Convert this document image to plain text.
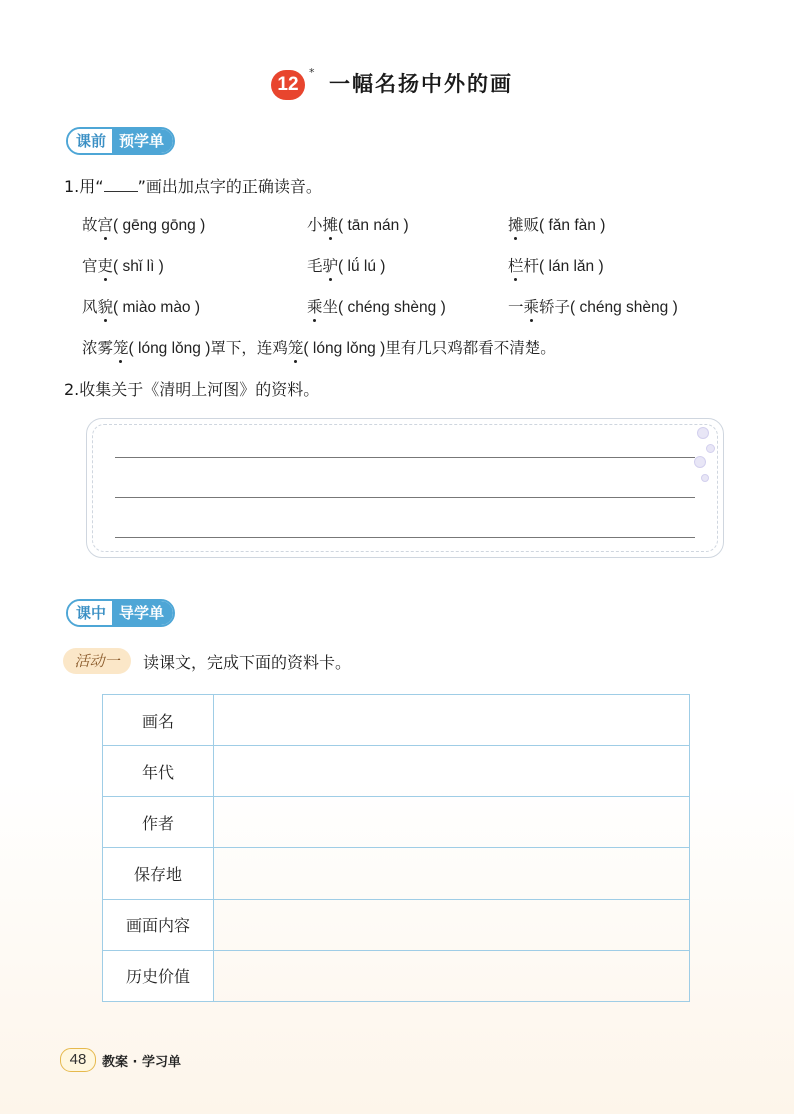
12
* 一幅名扬中外的画
课前 预学单
1.用“ ”画出加点字的正确读音。
故宫( gēng gōng )	小摊( tān nán )	摊贩( fǎn fàn )
官吏( shǐ lì )	毛驴( lǘ lú )	栏杆( lán lǎn )
风貌( miào mào )	乘坐( chéng shèng )	一乘轿子( chéng shèng )
浓雾笼( lóng lǒng )罩下，连鸡笼( lóng lǒng )里有几只鸡都看不清楚。
2.收集关于《清明上河图》的资料。
课中 导学单
活动一	读课文，完成下面的资料卡。
画名	
年代	
作者	
保存地	
画面内容	
历史价值	
48	教案 · 学习单
